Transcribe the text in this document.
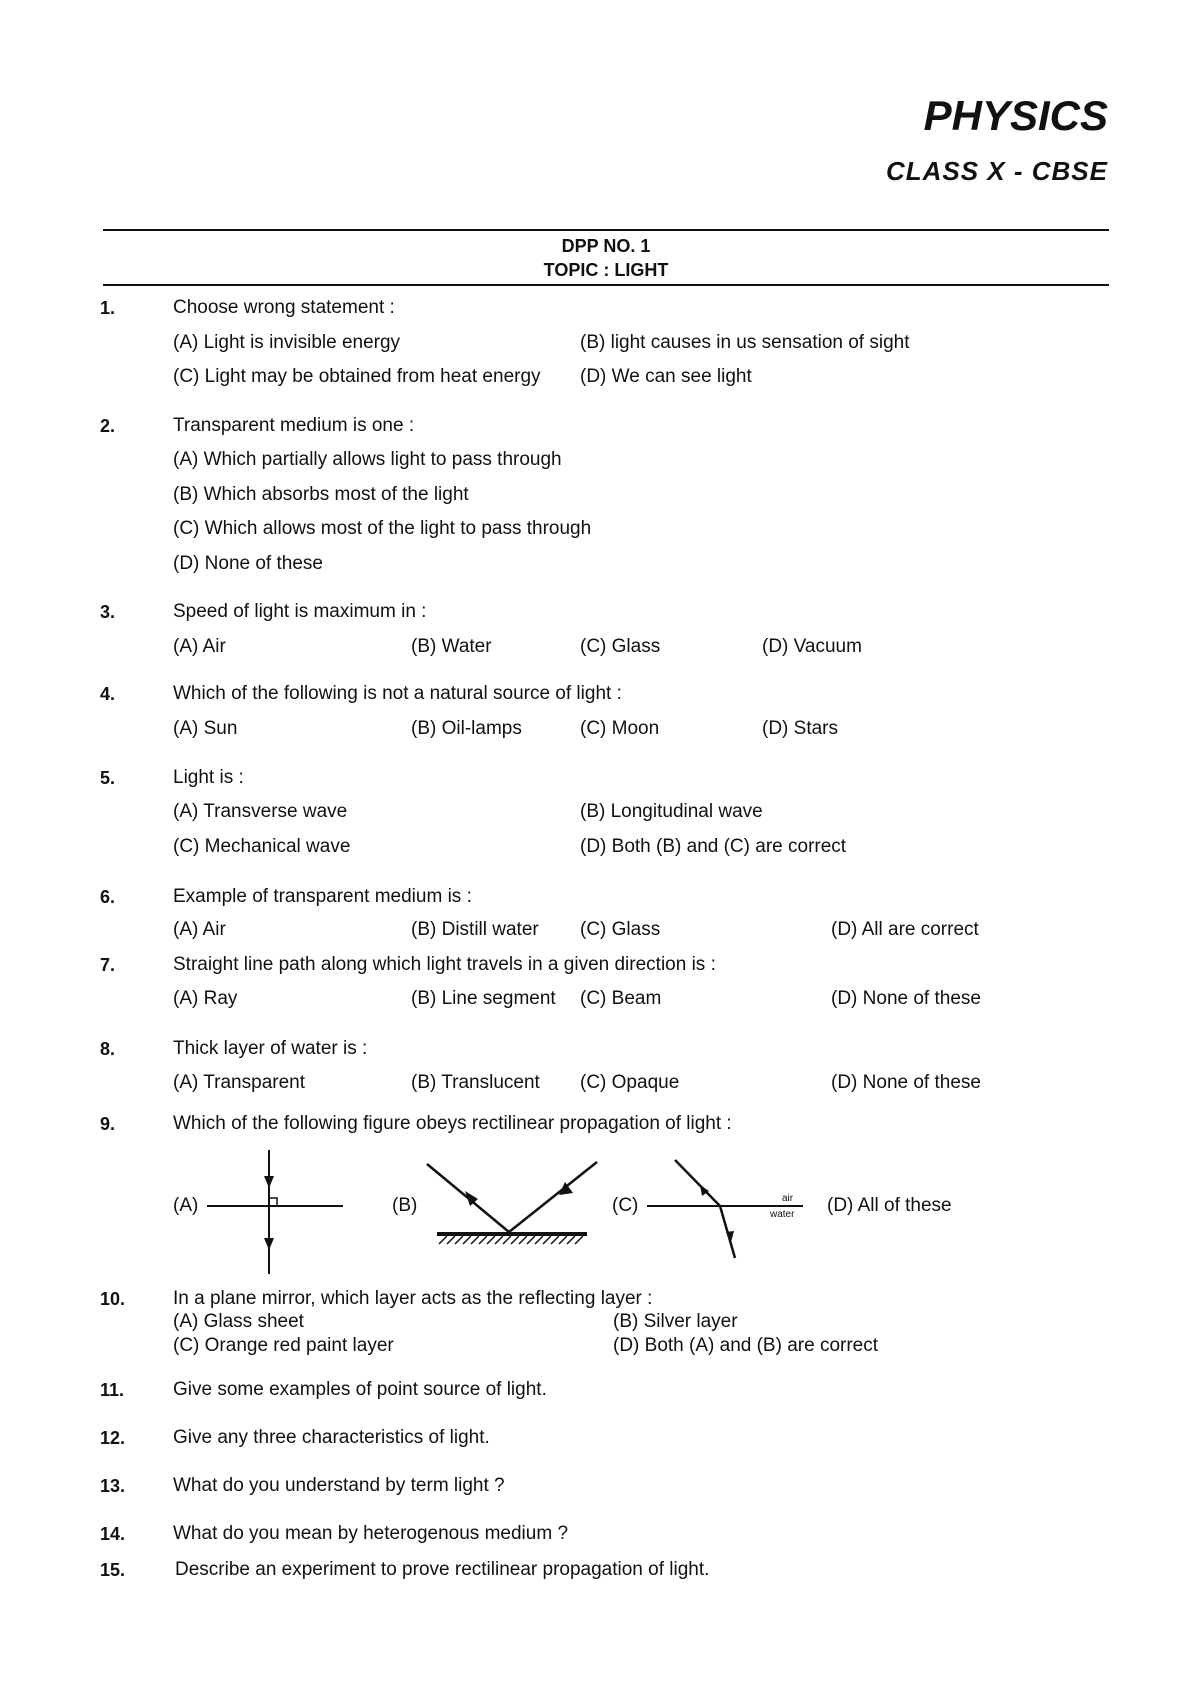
PHYSICS
CLASS X - CBSE
DPP NO. 1
TOPIC : LIGHT
1.	Choose wrong statement :
(A) Light is invisible energy	(B) light causes in us sensation of sight
(C) Light may be obtained from heat energy (D) We can see light
2.	Transparent medium is one :
(A) Which partially allows light to pass through
(B) Which absorbs most of the light
(C) Which allows most of the light to pass through
(D) None of these
3.	Speed of light is maximum in :
(A) Air	(B) Water	(C) Glass	(D) Vacuum
4.	Which of the following is not a natural source of light :
(A) Sun	(B) Oil-lamps	(C) Moon	(D) Stars
5.	Light is :
(A) Transverse wave	(B) Longitudinal wave
(C) Mechanical wave	(D) Both (B) and (C) are correct
6.	Example of transparent medium is :
(A) Air	(B) Distill water (C) Glass	(D) All are correct
7.	Straight line path along which light travels in a given direction is :
(A) Ray	(B) Line segment (C) Beam	(D) None of these
8.	Thick layer of water is :
(A) Transparent	(B) Translucent (C) Opaque	(D) None of these
9.	Which of the following figure obeys rectilinear propagation of light :
(A)	(B)	(C)	air
water (D) All of these
10.	In a plane mirror, which layer acts as the reflecting layer :
(A) Glass sheet	(B) Silver layer
(C) Orange red paint layer	(D) Both (A) and (B) are correct
11.	Give some examples of point source of light.
12.	Give any three characteristics of light.
13.	What do you understand by term light ?
14.	What do you mean by heterogenous medium ?
15.	Describe an experiment to prove rectilinear propagation of light.
